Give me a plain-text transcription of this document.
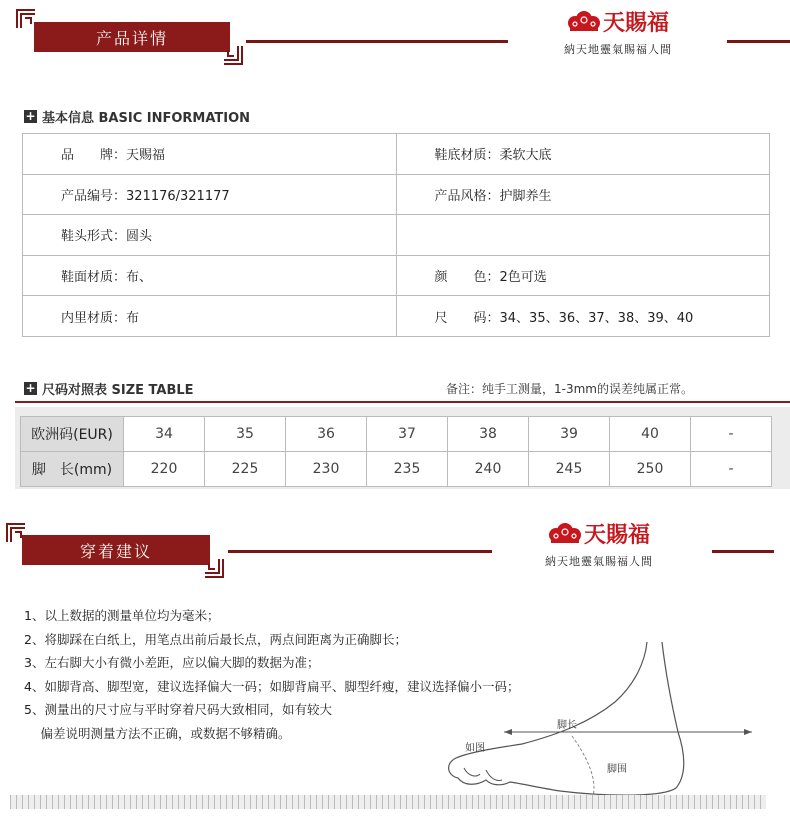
产品详情
天賜福
納天地靈氣賜福人間
+ 基本信息 BASIC INFORMATION
品　　牌：天赐福	鞋底材质：柔软大底
产品编号：321176/321177	产品风格：护脚养生
鞋头形式：圆头	
鞋面材质：布、	颜　　色：2色可选
内里材质：布	尺　　码：34、35、36、37、38、39、40
+ 尺码对照表 SIZE TABLE	备注：纯手工测量，1-3mm的误差纯属正常。
欧洲码(EUR)	34	35	36	37	38	39	40	-
脚　长(mm)	220	225	230	235	240	245	250	-
穿着建议
天賜福
納天地靈氣賜福人間
1、以上数据的测量单位均为毫米；
2、将脚踩在白纸上，用笔点出前后最长点，两点间距离为正确脚长；
3、左右脚大小有微小差距，应以偏大脚的数据为准；
4、如脚背高、脚型宽，建议选择偏大一码；如脚背扁平、脚型纤瘦，建议选择偏小一码；
5、测量出的尺寸应与平时穿着尺码大致相同，如有较大
　 偏差说明测量方法不正确，或数据不够精确。	脚长
如图
脚围
